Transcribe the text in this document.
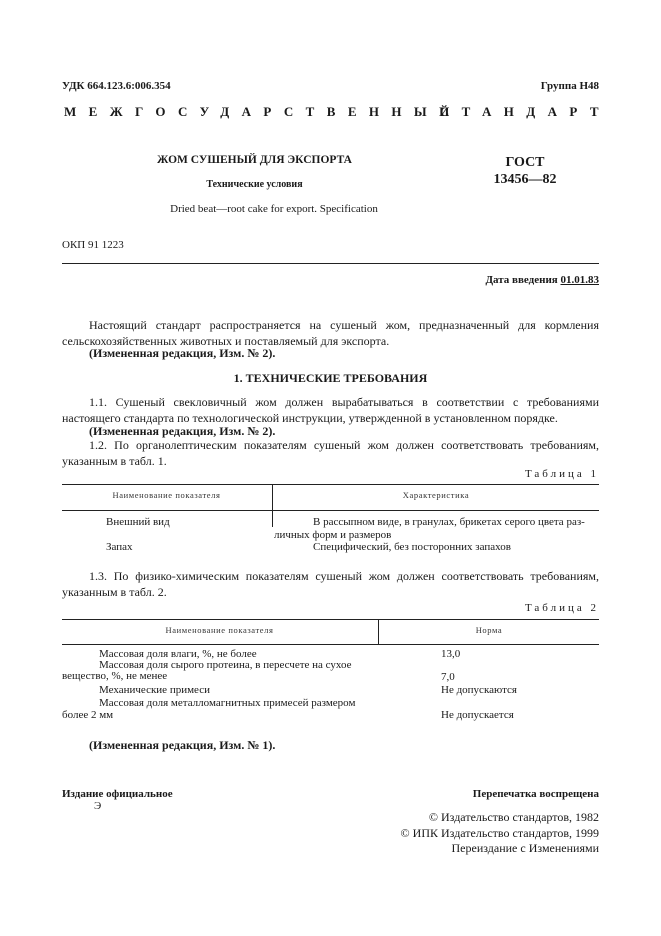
УДК 664.123.6:006.354	Группа Н48
МЕЖГОСУДАРСТВЕННЫЙ
СТАНДАРТ
ЖОМ СУШЕНЫЙ ДЛЯ ЭКСПОРТА
Технические условия
Dried beat—root cake for export. Specification
ГОСТ
13456—82
ОКП 91 1223
Дата введения 01.01.83
Настоящий стандарт распространяется на сушеный жом, предназначенный для кормления сельскохозяйственных животных и поставляемый для экспорта.
(Измененная редакция, Изм. № 2).
1. ТЕХНИЧЕСКИЕ ТРЕБОВАНИЯ
1.1. Сушеный свекловичный жом должен вырабатываться в соответствии с требованиями настоящего стандарта по технологической инструкции, утвержденной в установленном порядке.
(Измененная редакция, Изм. № 2).
1.2. По органолептическим показателям сушеный жом должен соответствовать требованиям, указанным в табл. 1.
Таблица 1
Наименование показателя	Характеристика
Внешний вид	В рассыпном виде, в гранулах, брикетах серого цвета раз-
личных форм и размеров
Запах	Специфический, без посторонних запахов
1.3. По физико-химическим показателям сушеный жом должен соответствовать требованиям, указанным в табл. 2.
Таблица 2
Наименование показателя	Норма
Массовая доля влаги, %, не более	13,0
Массовая доля сырого протеина, в пересчете на сухое
вещество, %, не менее	7,0
Механические примеси	Не допускаются
Массовая доля металломагнитных примесей размером
более 2 мм	Не допускается
(Измененная редакция, Изм. № 1).
Издание официальное
Э
Перепечатка воспрещена
© Издательство стандартов, 1982
© ИПК Издательство стандартов, 1999
Переиздание с Изменениями
